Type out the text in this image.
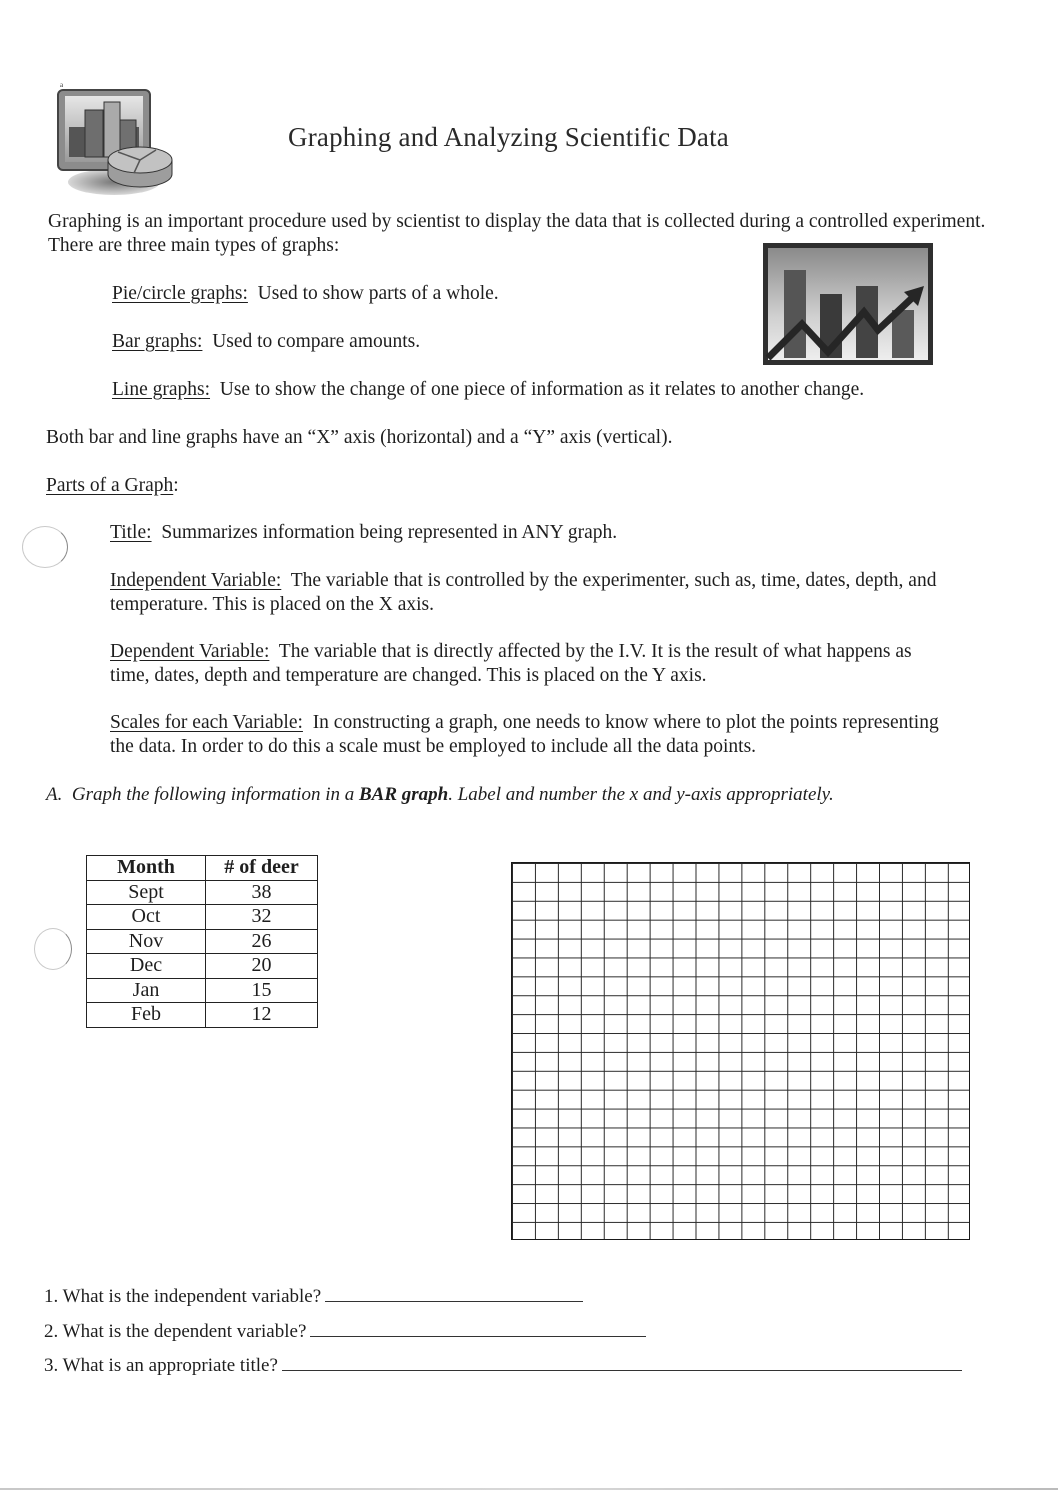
a
Graphing and Analyzing Scientific Data
Graphing is an important procedure used by scientist to display the data that is collected during a controlled experiment. There are three main types of graphs:
Pie/circle graphs: Used to show parts of a whole.
Bar graphs: Used to compare amounts.
Line graphs: Use to show the change of one piece of information as it relates to another change.
Both bar and line graphs have an “X” axis (horizontal) and a “Y” axis (vertical).
Parts of a Graph:
Title: Summarizes information being represented in ANY graph.
Independent Variable: The variable that is controlled by the experimenter, such as, time, dates, depth, and temperature. This is placed on the X axis.
Dependent Variable: The variable that is directly affected by the I.V. It is the result of what happens as time, dates, depth and temperature are changed. This is placed on the Y axis.
Scales for each Variable: In constructing a graph, one needs to know where to plot the points representing the data. In order to do this a scale must be employed to include all the data points.
A. Graph the following information in a BAR graph. Label and number the x and y-axis appropriately.
Month	# of deer
Sept	38
Oct	32
Nov	26
Dec	20
Jan	15
Feb	12
1. What is the independent variable?
2. What is the dependent variable?
3. What is an appropriate title?
